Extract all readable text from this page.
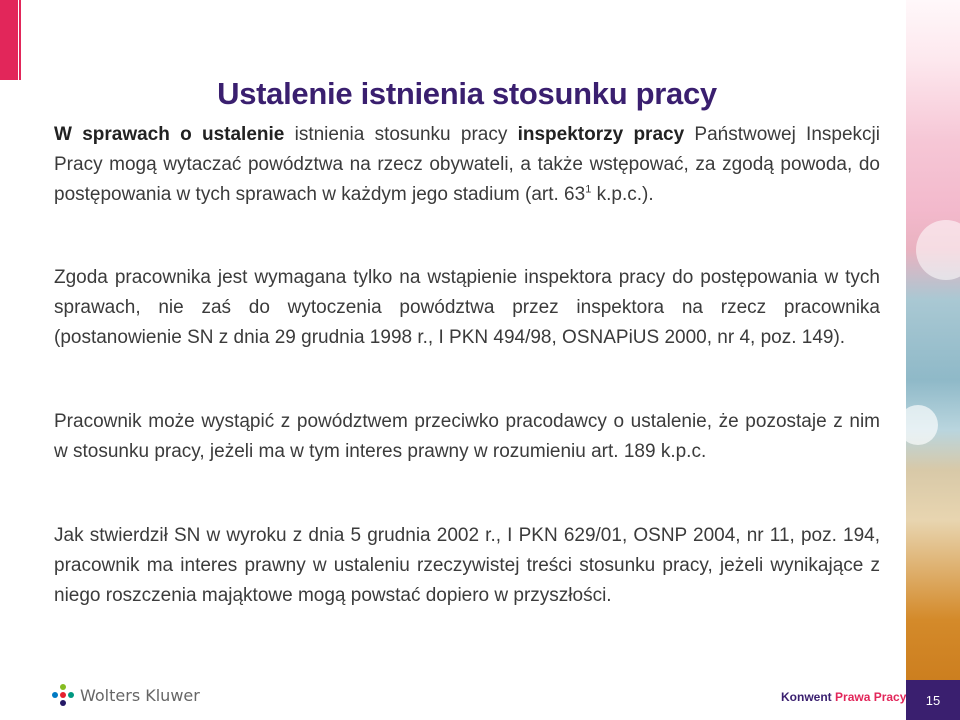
Ustalenie istnienia stosunku pracy
W sprawach o ustalenie istnienia stosunku pracy inspektorzy pracy Państwowej Inspekcji Pracy mogą wytaczać powództwa na rzecz obywateli, a także wstępować, za zgodą powoda, do postępowania w tych sprawach w każdym jego stadium (art. $63^1$ k.p.c.).
Zgoda pracownika jest wymagana tylko na wstąpienie inspektora pracy do postępowania w tych sprawach, nie zaś do wytoczenia powództwa przez inspektora na rzecz pracownika (postanowienie SN z dnia 29 grudnia 1998 r., I PKN 494/98, OSNAPiUS 2000, nr 4, poz. 149).
Pracownik może wystąpić z powództwem przeciwko pracodawcy o ustalenie, że pozostaje z nim w stosunku pracy, jeżeli ma w tym interes prawny w rozumieniu art. 189 k.p.c.
Jak stwierdził SN w wyroku z dnia 5 grudnia 2002 r., I PKN 629/01, OSNP 2004, nr 11, poz. 194, pracownik ma interes prawny w ustaleniu rzeczywistej treści stosunku pracy, jeżeli wynikające z niego roszczenia mająktowe mogą powstać dopiero w przyszłości.
Wolters Kluwer	Konwent Prawa Pracy	15
